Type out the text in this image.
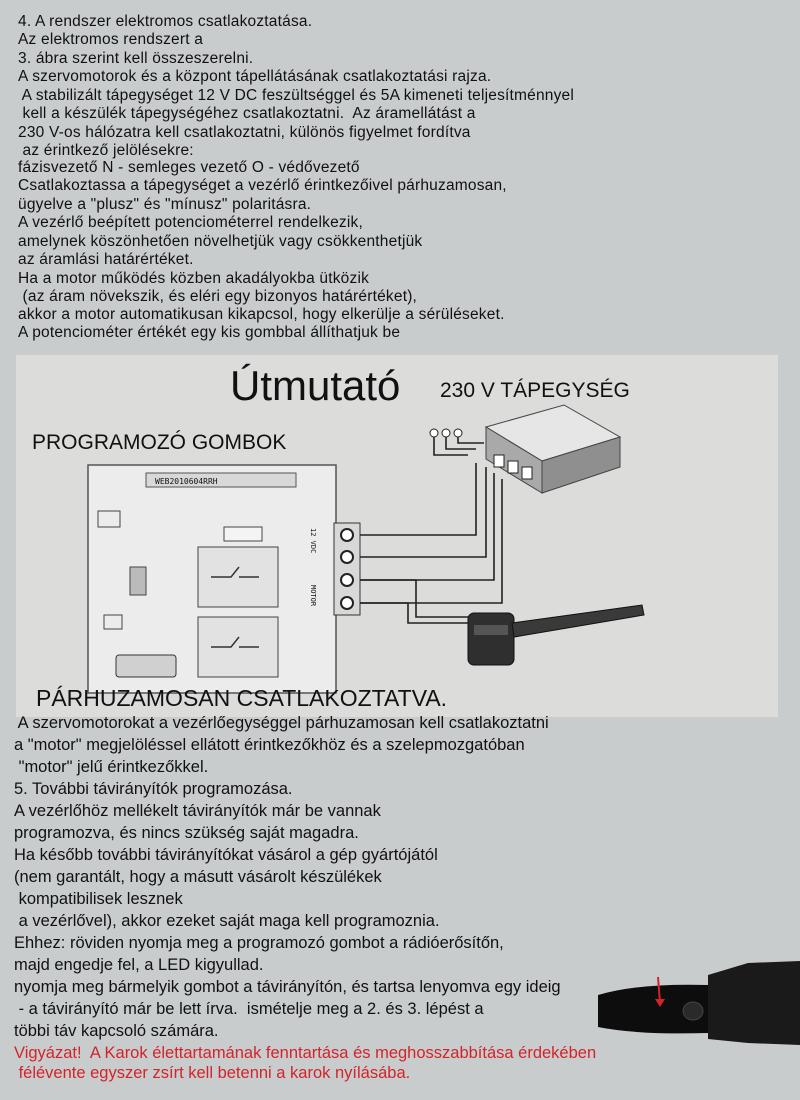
4. A rendszer elektromos csatlakoztatása.
Az elektromos rendszert a
3. ábra szerint kell összeszerelni.
A szervomotorok és a központ tápellátásának csatlakoztatási rajza.
A stabilizált tápegységet 12 V DC feszültséggel és 5A kimeneti teljesítménnyel
kell a készülék tápegységéhez csatlakoztatni.  Az áramellátást a
230 V-os hálózatra kell csatlakoztatni, különös figyelmet fordítva
az érintkező jelölésekre:
fázisvezető N - semleges vezető O - védővezető
Csatlakoztassa a tápegységet a vezérlő érintkezőivel párhuzamosan,
ügyelve a "plusz" és "mínusz" polaritásra.
A vezérlő beépített potenciométerrel rendelkezik,
amelynek köszönhetően növelhetjük vagy csökkenthetjük
az áramlási határértéket.
Ha a motor működés közben akadályokba ütközik
(az áram növekszik, és eléri egy bizonyos határértéket),
akkor a motor automatikusan kikapcsol, hogy elkerülje a sérüléseket.
A potenciométer értékét egy kis gombbal állíthatjuk be
Útmutató 230 V TÁPEGYSÉG
PROGRAMOZÓ GOMBOK
WEB2010604RRH
12 VDC
MOTOR
PÁRHUZAMOSAN CSATLAKOZTATVA.
A szervomotorokat a vezérlőegységgel párhuzamosan kell csatlakoztatni
a "motor" megjelöléssel ellátott érintkezőkhöz és a szelepmozgatóban
"motor" jelű érintkezőkkel.
5. További távirányítók programozása.
A vezérlőhöz mellékelt távirányítók már be vannak
programozva, és nincs szükség saját magadra.
Ha később további távirányítókat vásárol a gép gyártójától
(nem garantált, hogy a másutt vásárolt készülékek
kompatibilisek lesznek
a vezérlővel), akkor ezeket saját maga kell programoznia.
Ehhez: röviden nyomja meg a programozó gombot a rádióerősítőn,
majd engedje fel, a LED kigyullad.
nyomja meg bármelyik gombot a távirányítón, és tartsa lenyomva egy ideig
- a távirányító már be lett írva.  ismételje meg a 2. és 3. lépést a
többi táv kapcsoló számára.
Vigyázat!  A Karok élettartamának fenntartása és meghosszabbítása érdekében
félévente egyszer zsírt kell betenni a karok nyílásába.
